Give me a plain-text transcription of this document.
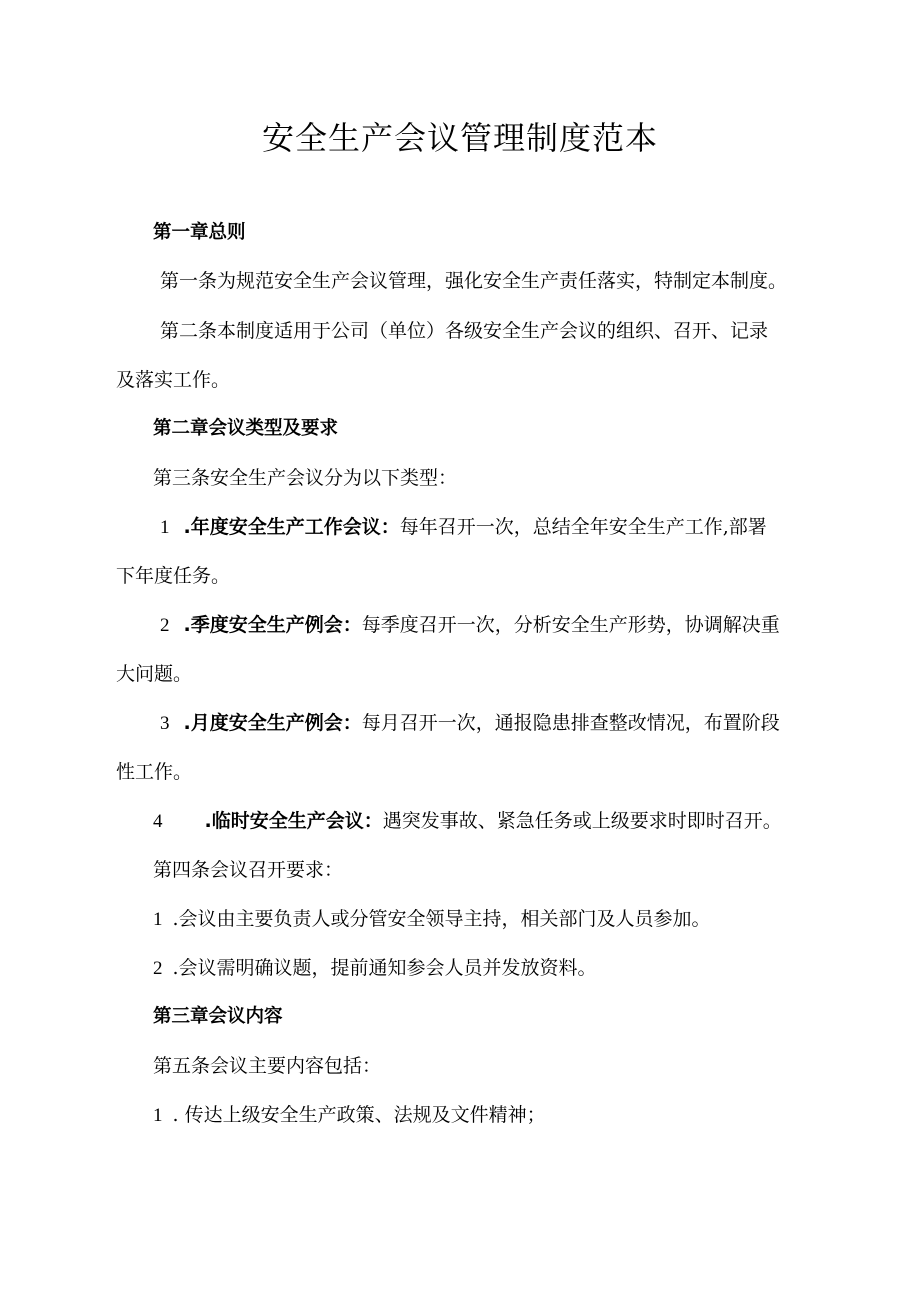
安全生产会议管理制度范本

第一章总则

第一条为规范安全生产会议管理，强化安全生产责任落实，特制定本制度。

第二条本制度适用于公司（单位）各级安全生产会议的组织、召开、记录

及落实工作。

第二章会议类型及要求

第三条安全生产会议分为以下类型：

1 .年度安全生产工作会议：每年召开一次，总结全年安全生产工作,部署

下年度任务。

2 .季度安全生产例会：每季度召开一次，分析安全生产形势，协调解决重

大问题。

3 .月度安全生产例会：每月召开一次，通报隐患排查整改情况，布置阶段

性工作。

4 .临时安全生产会议：遇突发事故、紧急任务或上级要求时即时召开。

第四条会议召开要求：

1 .会议由主要负责人或分管安全领导主持，相关部门及人员参加。

2 .会议需明确议题，提前通知参会人员并发放资料。

第三章会议内容

第五条会议主要内容包括：

1 . 传达上级安全生产政策、法规及文件精神；
